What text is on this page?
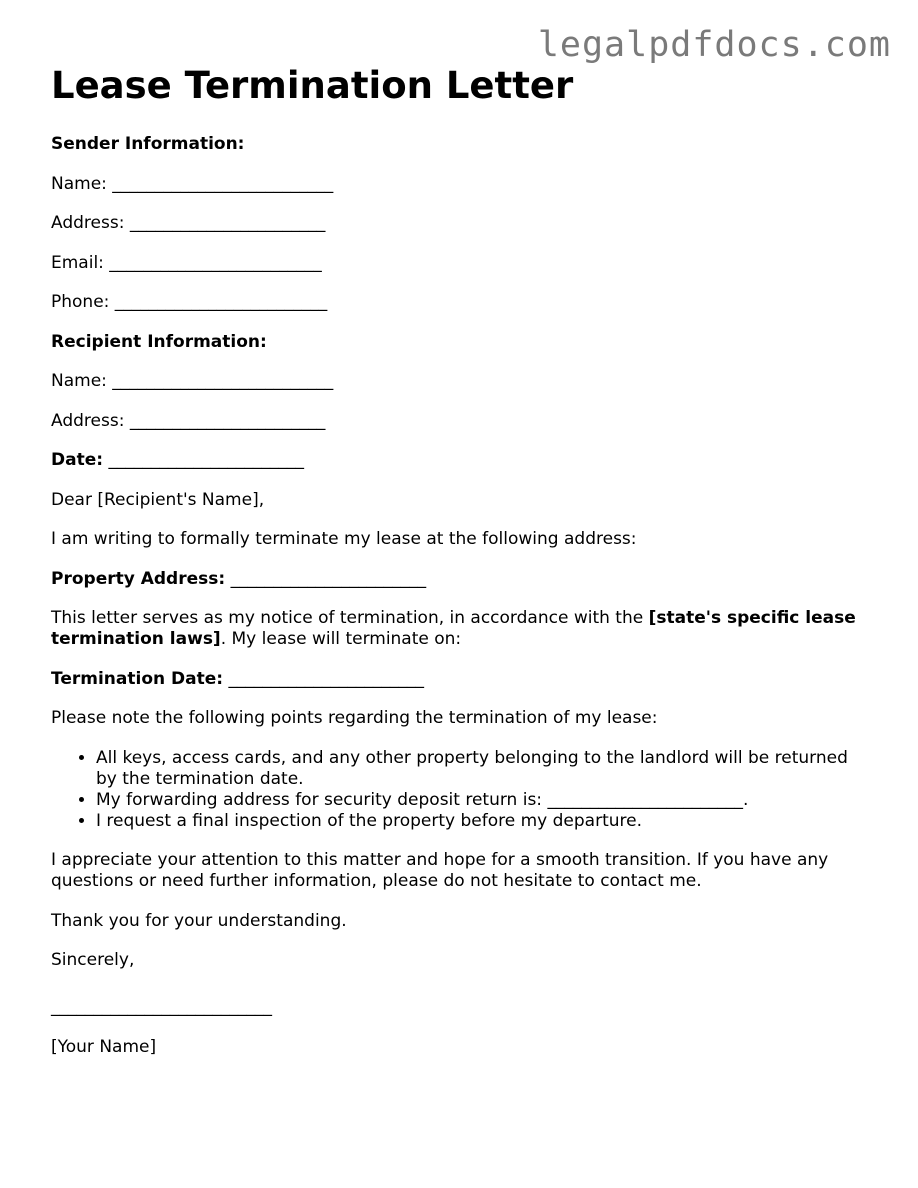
legalpdfdocs.com
Lease Termination Letter

Sender Information:

Name: __________________________

Address: _______________________

Email: _________________________

Phone: _________________________

Recipient Information:

Name: __________________________

Address: _______________________

Date: _______________________

Dear [Recipient's Name],

I am writing to formally terminate my lease at the following address:

Property Address: _______________________

This letter serves as my notice of termination, in accordance with the [state's specific lease termination laws]. My lease will terminate on:

Termination Date: _______________________

Please note the following points regarding the termination of my lease:

• All keys, access cards, and any other property belonging to the landlord will be returned by the termination date.
• My forwarding address for security deposit return is: _______________________.
• I request a final inspection of the property before my departure.

I appreciate your attention to this matter and hope for a smooth transition. If you have any questions or need further information, please do not hesitate to contact me.

Thank you for your understanding.

Sincerely,

__________________________

[Your Name]
